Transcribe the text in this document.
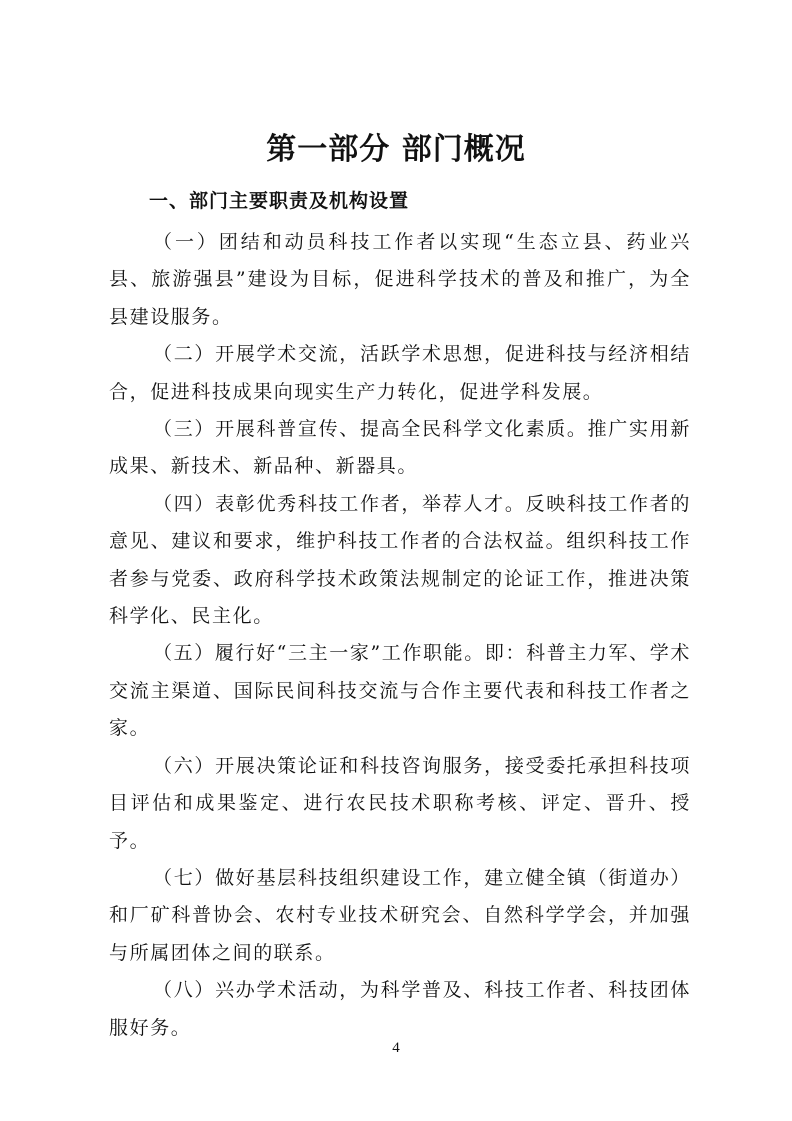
第一部分 部门概况
一、部门主要职责及机构设置

（一）团结和动员科技工作者以实现“生态立县、药业兴县、旅游强县”建设为目标，促进科学技术的普及和推广，为全县建设服务。

（二）开展学术交流，活跃学术思想，促进科技与经济相结合，促进科技成果向现实生产力转化，促进学科发展。

（三）开展科普宣传、提高全民科学文化素质。推广实用新成果、新技术、新品种、新器具。

（四）表彰优秀科技工作者，举荐人才。反映科技工作者的意见、建议和要求，维护科技工作者的合法权益。组织科技工作者参与党委、政府科学技术政策法规制定的论证工作，推进决策科学化、民主化。

（五）履行好“三主一家”工作职能。即：科普主力军、学术交流主渠道、国际民间科技交流与合作主要代表和科技工作者之家。

（六）开展决策论证和科技咨询服务，接受委托承担科技项目评估和成果鉴定、进行农民技术职称考核、评定、晋升、授予。

（七）做好基层科技组织建设工作，建立健全镇（街道办）和厂矿科普协会、农村专业技术研究会、自然科学学会，并加强与所属团体之间的联系。

（八）兴办学术活动，为科学普及、科技工作者、科技团体服好务。

4
